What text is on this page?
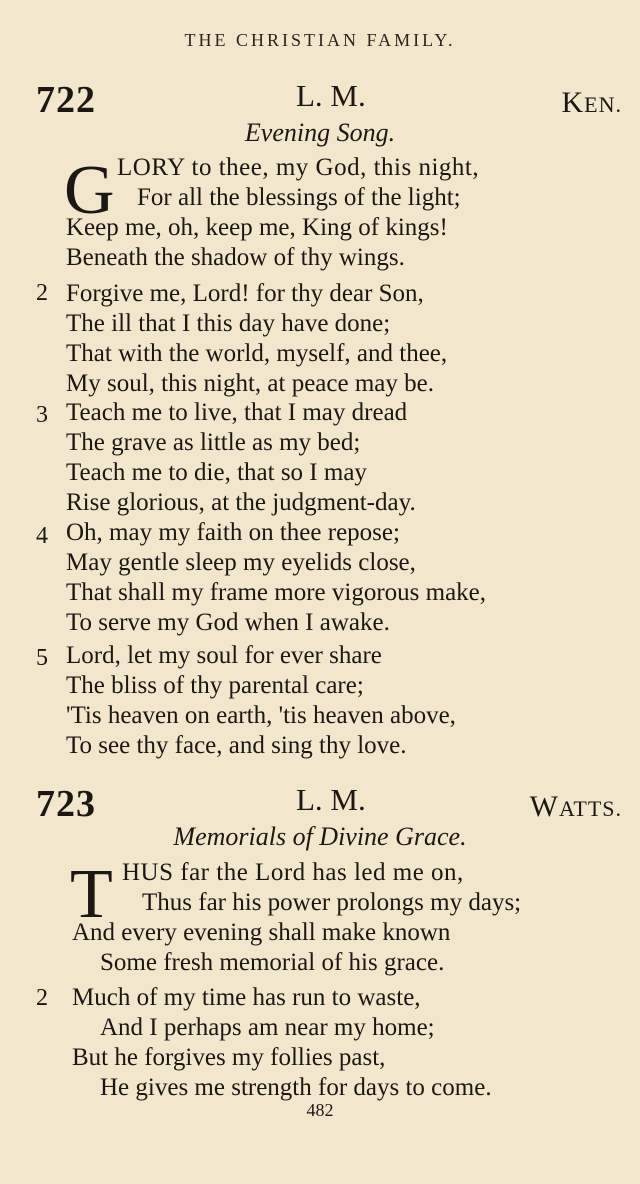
THE CHRISTIAN FAMILY.
722	L. M.	KEN.
Evening Song.
G LORY to thee, my God, this night,
For all the blessings of the light;
Keep me, oh, keep me, King of kings!
Beneath the shadow of thy wings.
2 Forgive me, Lord! for thy dear Son,
The ill that I this day have done;
That with the world, myself, and thee,
My soul, this night, at peace may be.
3 Teach me to live, that I may dread
The grave as little as my bed;
Teach me to die, that so I may
Rise glorious, at the judgment-day.
4 Oh, may my faith on thee repose;
May gentle sleep my eyelids close,
That shall my frame more vigorous make,
To serve my God when I awake.
5 Lord, let my soul for ever share
The bliss of thy parental care;
'Tis heaven on earth, 'tis heaven above,
To see thy face, and sing thy love.
723	L. M.	WATTS.
Memorials of Divine Grace.
T HUS far the Lord has led me on,
Thus far his power prolongs my days;
And every evening shall make known
Some fresh memorial of his grace.
2 Much of my time has run to waste,
And I perhaps am near my home;
But he forgives my follies past,
He gives me strength for days to come.
482
